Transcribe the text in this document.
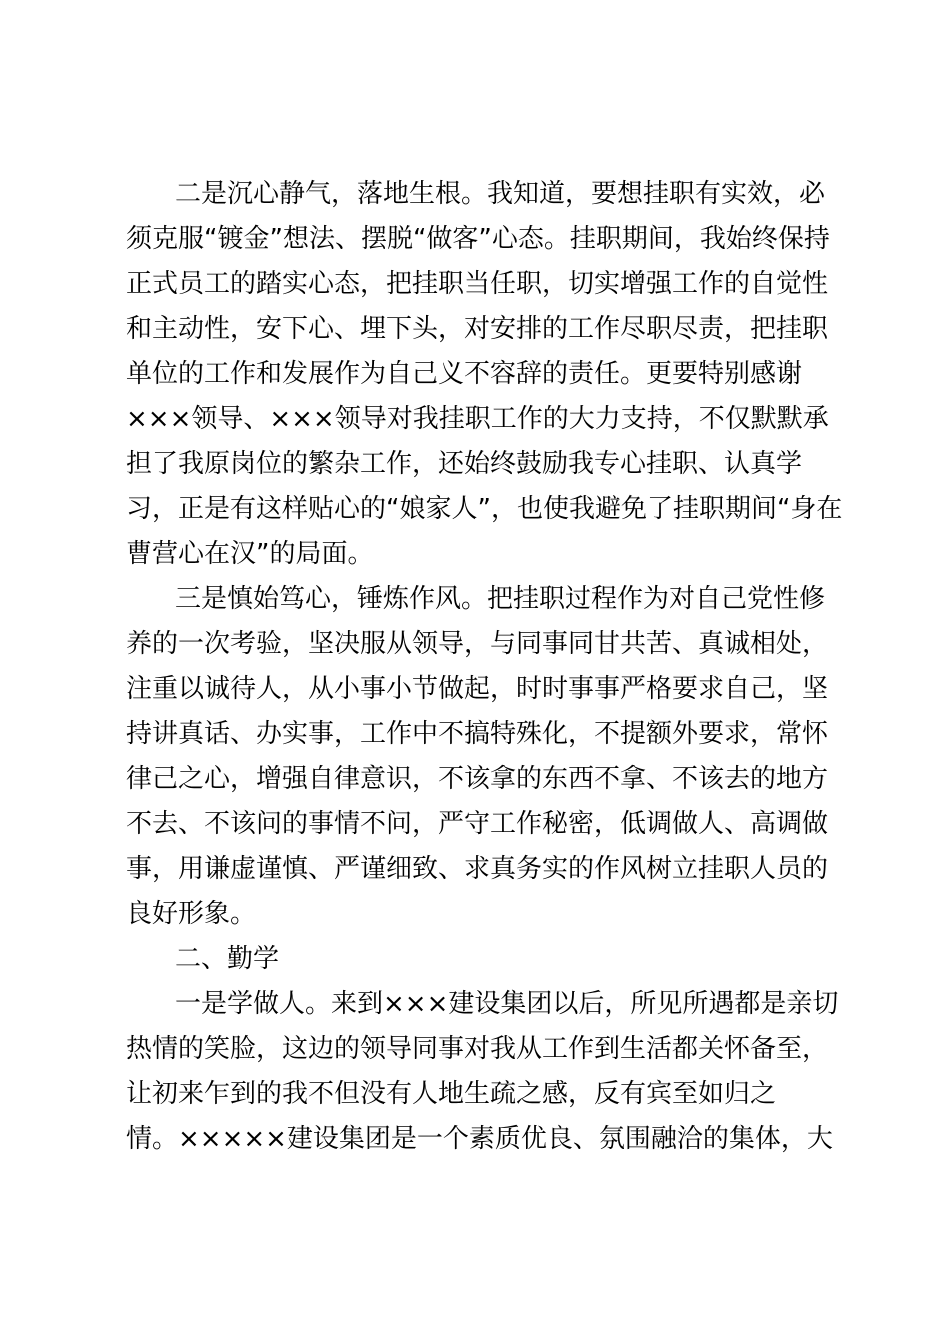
二是沉心静气，落地生根。我知道，要想挂职有实效，必
须克服“镀金”想法、摆脱“做客”心态。挂职期间，我始终保持
正式员工的踏实心态，把挂职当任职，切实增强工作的自觉性
和主动性，安下心、埋下头，对安排的工作尽职尽责，把挂职
单位的工作和发展作为自己义不容辞的责任。更要特别感谢
×××领导、×××领导对我挂职工作的大力支持，不仅默默承
担了我原岗位的繁杂工作，还始终鼓励我专心挂职、认真学
习，正是有这样贴心的“娘家人”，也使我避免了挂职期间“身在
曹营心在汉”的局面。
三是慎始笃心，锤炼作风。把挂职过程作为对自己党性修
养的一次考验，坚决服从领导，与同事同甘共苦、真诚相处，
注重以诚待人，从小事小节做起，时时事事严格要求自己，坚
持讲真话、办实事，工作中不搞特殊化，不提额外要求，常怀
律己之心，增强自律意识，不该拿的东西不拿、不该去的地方
不去、不该问的事情不问，严守工作秘密，低调做人、高调做
事，用谦虚谨慎、严谨细致、求真务实的作风树立挂职人员的
良好形象。
二、勤学
一是学做人。来到×××建设集团以后，所见所遇都是亲切
热情的笑脸，这边的领导同事对我从工作到生活都关怀备至，
让初来乍到的我不但没有人地生疏之感，反有宾至如归之
情。×××××建设集团是一个素质优良、氛围融洽的集体，大
